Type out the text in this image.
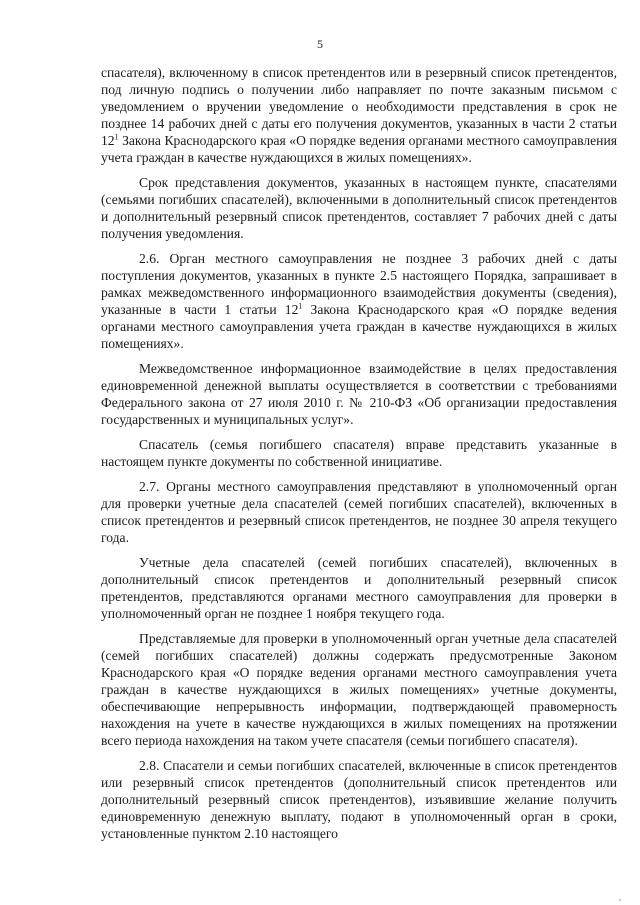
5

спасателя), включенному в список претендентов или в резервный список претендентов, под личную подпись о получении либо направляет по почте заказным письмом с уведомлением о вручении уведомление о необходимости представления в срок не позднее 14 рабочих дней с даты его получения документов, указанных в части 2 статьи $12^1$ Закона Краснодарского края «О порядке ведения органами местного самоуправления учета граждан в качестве нуждающихся в жилых помещениях».

Срок представления документов, указанных в настоящем пункте, спасателями (семьями погибших спасателей), включенными в дополнительный список претендентов и дополнительный резервный список претендентов, составляет 7 рабочих дней с даты получения уведомления.

2.6. Орган местного самоуправления не позднее 3 рабочих дней с даты поступления документов, указанных в пункте 2.5 настоящего Порядка, запрашивает в рамках межведомственного информационного взаимодействия документы (сведения), указанные в части 1 статьи $12^1$ Закона Краснодарского края «О порядке ведения органами местного самоуправления учета граждан в качестве нуждающихся в жилых помещениях».

Межведомственное информационное взаимодействие в целях предоставления единовременной денежной выплаты осуществляется в соответствии с требованиями Федерального закона от 27 июля 2010 г. № 210-ФЗ «Об организации предоставления государственных и муниципальных услуг».

Спасатель (семья погибшего спасателя) вправе представить указанные в настоящем пункте документы по собственной инициативе.

2.7. Органы местного самоуправления представляют в уполномоченный орган для проверки учетные дела спасателей (семей погибших спасателей), включенных в список претендентов и резервный список претендентов, не позднее 30 апреля текущего года.

Учетные дела спасателей (семей погибших спасателей), включенных в дополнительный список претендентов и дополнительный резервный список претендентов, представляются органами местного самоуправления для проверки в уполномоченный орган не позднее 1 ноября текущего года.

Представляемые для проверки в уполномоченный орган учетные дела спасателей (семей погибших спасателей) должны содержать предусмотренные Законом Краснодарского края «О порядке ведения органами местного самоуправления учета граждан в качестве нуждающихся в жилых помещениях» учетные документы, обеспечивающие непрерывность информации, подтверждающей правомерность нахождения на учете в качестве нуждающихся в жилых помещениях на протяжении всего периода нахождения на таком учете спасателя (семьи погибшего спасателя).

2.8. Спасатели и семьи погибших спасателей, включенные в список претендентов или резервный список претендентов (дополнительный список претендентов или дополнительный резервный список претендентов), изъявившие желание получить единовременную денежную выплату, подают в уполномоченный орган в сроки, установленные пунктом 2.10 настоящего

,
